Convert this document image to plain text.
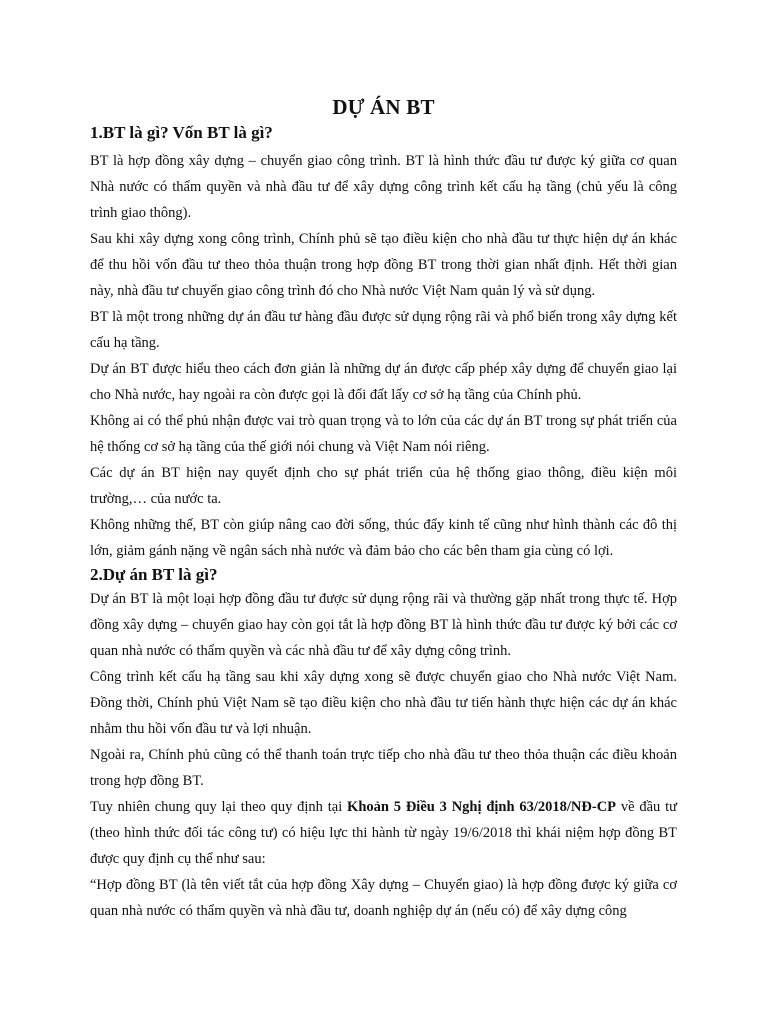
DỰ ÁN BT
1.BT là gì? Vốn BT là gì?

BT là hợp đồng xây dựng – chuyển giao công trình. BT là hình thức đầu tư được ký giữa cơ quan Nhà nước có thẩm quyền và nhà đầu tư để xây dựng công trình kết cấu hạ tầng (chủ yếu là công trình giao thông).

Sau khi xây dựng xong công trình, Chính phủ sẽ tạo điều kiện cho nhà đầu tư thực hiện dự án khác để thu hồi vốn đầu tư theo thỏa thuận trong hợp đồng BT trong thời gian nhất định. Hết thời gian này, nhà đầu tư chuyển giao công trình đó cho Nhà nước Việt Nam quản lý và sử dụng.

BT là một trong những dự án đầu tư hàng đầu được sử dụng rộng rãi và phổ biến trong xây dựng kết cấu hạ tầng.

Dự án BT được hiểu theo cách đơn giản là những dự án được cấp phép xây dựng để chuyển giao lại cho Nhà nước, hay ngoài ra còn được gọi là đổi đất lấy cơ sở hạ tầng của Chính phủ.

Không ai có thể phủ nhận được vai trò quan trọng và to lớn của các dự án BT trong sự phát triển của hệ thống cơ sở hạ tầng của thế giới nói chung và Việt Nam nói riêng.

Các dự án BT hiện nay quyết định cho sự phát triển của hệ thống giao thông, điều kiện môi trường,… của nước ta.

Không những thế, BT còn giúp nâng cao đời sống, thúc đẩy kinh tế cũng như hình thành các đô thị lớn, giảm gánh nặng về ngân sách nhà nước và đảm bảo cho các bên tham gia cùng có lợi.

2.Dự án BT là gì?

Dự án BT là một loại hợp đồng đầu tư được sử dụng rộng rãi và thường gặp nhất trong thực tế. Hợp đồng xây dựng – chuyển giao hay còn gọi tắt là hợp đồng BT là hình thức đầu tư được ký bởi các cơ quan nhà nước có thẩm quyền và các nhà đầu tư để xây dựng công trình.

Công trình kết cấu hạ tầng sau khi xây dựng xong sẽ được chuyển giao cho Nhà nước Việt Nam. Đồng thời, Chính phủ Việt Nam sẽ tạo điều kiện cho nhà đầu tư tiến hành thực hiện các dự án khác nhằm thu hồi vốn đầu tư và lợi nhuận.

Ngoài ra, Chính phủ cũng có thể thanh toán trực tiếp cho nhà đầu tư theo thỏa thuận các điều khoản trong hợp đồng BT.

Tuy nhiên chung quy lại theo quy định tại Khoản 5 Điều 3 Nghị định 63/2018/NĐ-CP về đầu tư (theo hình thức đối tác công tư) có hiệu lực thi hành từ ngày 19/6/2018 thì khái niệm hợp đồng BT được quy định cụ thể như sau:

“Hợp đồng BT (là tên viết tắt của hợp đồng Xây dựng – Chuyển giao) là hợp đồng được ký giữa cơ quan nhà nước có thẩm quyền và nhà đầu tư, doanh nghiệp dự án (nếu có) để xây dựng công
